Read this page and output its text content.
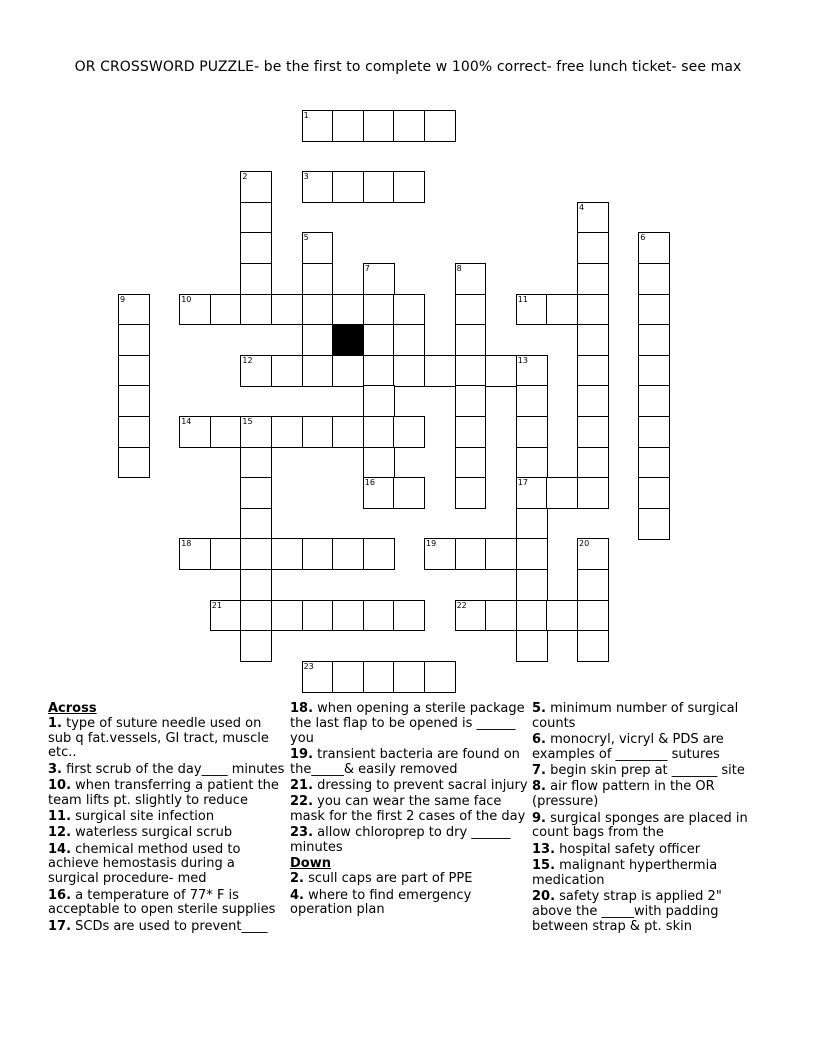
OR CROSSWORD PUZZLE- be the first to complete w 100% correct- free lunch ticket- see max
1
2	3
4
5	6
7	8
9	10	11
12	13
14	15
16	17
18	19	20
21	22
23
Across
1. type of suture needle used on sub q fat.vessels, GI tract, muscle etc..
3. first scrub of the day____ minutes
10. when transferring a patient the team lifts pt. slightly to reduce
11. surgical site infection
12. waterless surgical scrub
14. chemical method used to achieve hemostasis during a surgical procedure- med
16. a temperature of 77* F is acceptable to open sterile supplies
17. SCDs are used to prevent____
18. when opening a sterile package the last flap to be opened is ______ you
19. transient bacteria are found on the_____& easily removed
21. dressing to prevent sacral injury
22. you can wear the same face mask for the first 2 cases of the day
23. allow chloroprep to dry ______ minutes
Down
2. scull caps are part of PPE
4. where to find emergency operation plan
5. minimum number of surgical counts
6. monocryl, vicryl & PDS are examples of ________ sutures
7. begin skin prep at _______ site
8. air flow pattern in the OR (pressure)
9. surgical sponges are placed in count bags from the
13. hospital safety officer
15. malignant hyperthermia medication
20. safety strap is applied 2" above the _____with padding between strap & pt. skin
